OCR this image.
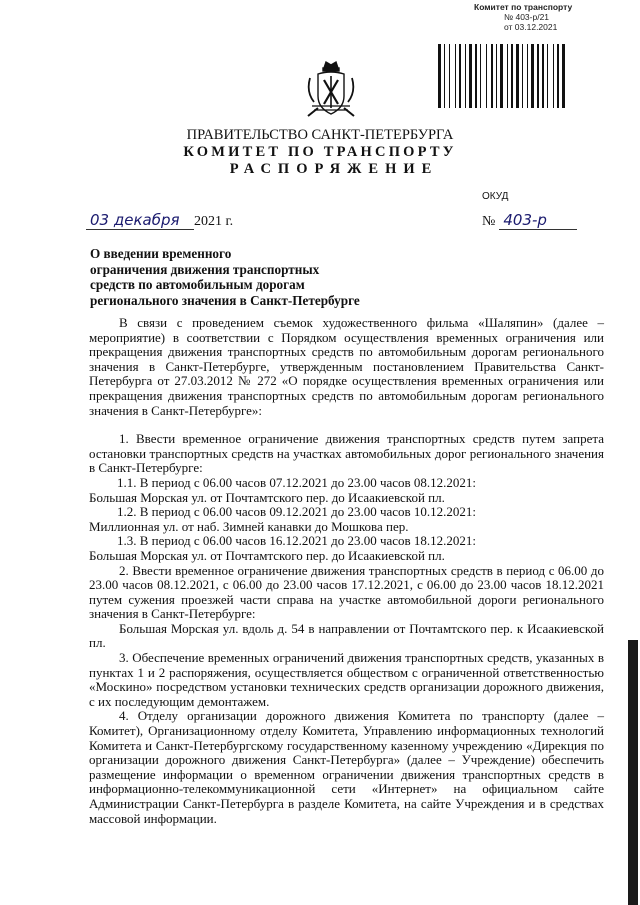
Комитет по транспорту
№ 403-р/21
от 03.12.2021
ПРАВИТЕЛЬСТВО САНКТ-ПЕТЕРБУРГА
КОМИТЕТ ПО ТРАНСПОРТУ
РАСПОРЯЖЕНИЕ
ОКУД
03 декабря 2021 г.	№ 403-р
О введении временного
ограничения движения транспортных
средств по автомобильным дорогам
регионального значения в Санкт-Петербурге

В связи с проведением съемок художественного фильма «Шаляпин» (далее – мероприятие) в соответствии с Порядком осуществления временных ограничения или прекращения движения транспортных средств по автомобильным дорогам регионального значения в Санкт-Петербурге, утвержденным постановлением Правительства Санкт-Петербурга от 27.03.2012 № 272 «О порядке осуществления временных ограничения или прекращения движения транспортных средств по автомобильным дорогам регионального значения в Санкт-Петербурге»:

1. Ввести временное ограничение движения транспортных средств путем запрета остановки транспортных средств на участках автомобильных дорог регионального значения в Санкт-Петербурге:

1.1. В период с 06.00 часов 07.12.2021 до 23.00 часов 08.12.2021:

Большая Морская ул. от Почтамтского пер. до Исаакиевской пл.

1.2. В период с 06.00 часов 09.12.2021 до 23.00 часов 10.12.2021:

Миллионная ул. от наб. Зимней канавки до Мошкова пер.

1.3. В период с 06.00 часов 16.12.2021 до 23.00 часов 18.12.2021:

Большая Морская ул. от Почтамтского пер. до Исаакиевской пл.

2. Ввести временное ограничение движения транспортных средств в период с 06.00 до 23.00 часов 08.12.2021, с 06.00 до 23.00 часов 17.12.2021, с 06.00 до 23.00 часов 18.12.2021 путем сужения проезжей части справа на участке автомобильной дороги регионального значения в Санкт-Петербурге:

Большая Морская ул. вдоль д. 54 в направлении от Почтамтского пер. к Исаакиевской пл.

3. Обеспечение временных ограничений движения транспортных средств, указанных в пунктах 1 и 2 распоряжения, осуществляется обществом с ограниченной ответственностью «Москино» посредством установки технических средств организации дорожного движения, с их последующим демонтажем.

4. Отделу организации дорожного движения Комитета по транспорту (далее – Комитет), Организационному отделу Комитета, Управлению информационных технологий Комитета и Санкт-Петербургскому государственному казенному учреждению «Дирекция по организации дорожного движения Санкт-Петербурга» (далее – Учреждение) обеспечить размещение информации о временном ограничении движения транспортных средств в информационно-телекоммуникационной сети «Интернет» на официальном сайте Администрации Санкт-Петербурга в разделе Комитета, на сайте Учреждения и в средствах массовой информации.
